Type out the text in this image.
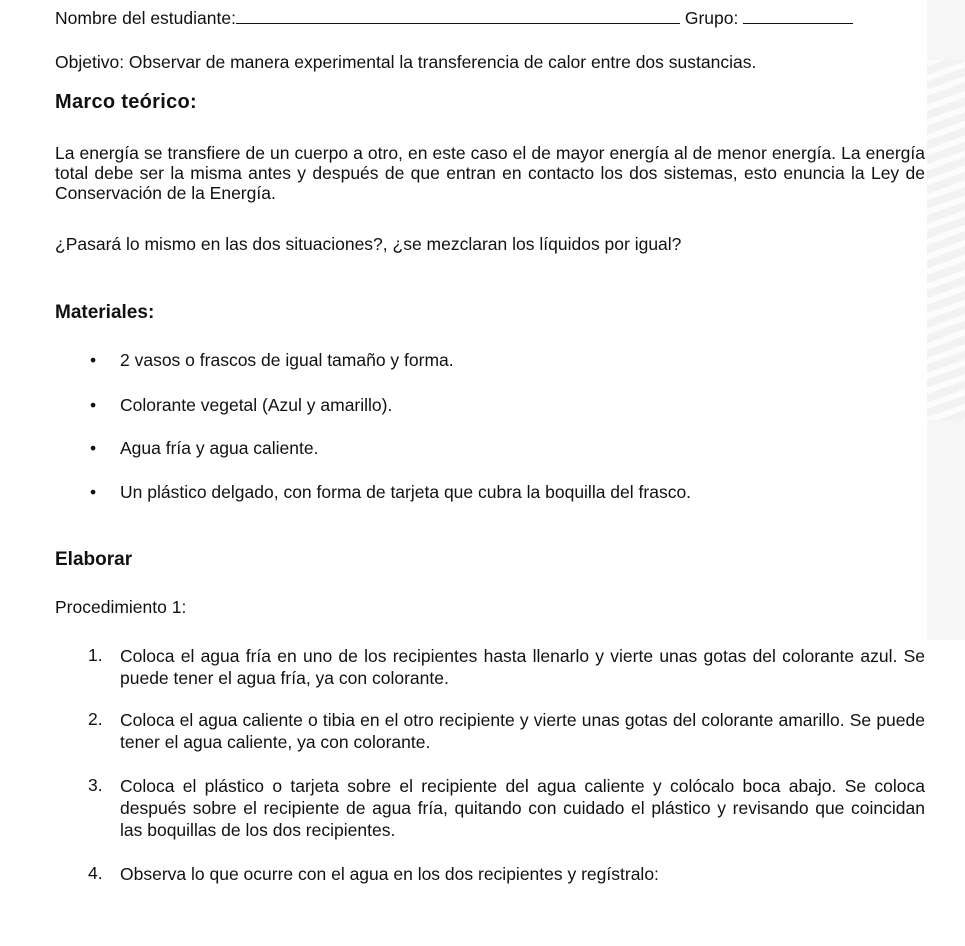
Nombre del estudiante:	Grupo:
Objetivo: Observar de manera experimental la transferencia de calor entre dos sustancias.
Marco teórico:
La energía se transfiere de un cuerpo a otro, en este caso el de mayor energía al de menor energía. La energía total debe ser la misma antes y después de que entran en contacto los dos sistemas, esto enuncia la Ley de Conservación de la Energía.
¿Pasará lo mismo en las dos situaciones?, ¿se mezclaran los líquidos por igual?
Materiales:
• 2 vasos o frascos de igual tamaño y forma.
• Colorante vegetal (Azul y amarillo).
• Agua fría y agua caliente.
• Un plástico delgado, con forma de tarjeta que cubra la boquilla del frasco.
Elaborar
Procedimiento 1:
1. Coloca el agua fría en uno de los recipientes hasta llenarlo y vierte unas gotas del colorante azul. Se puede tener el agua fría, ya con colorante.
2. Coloca el agua caliente o tibia en el otro recipiente y vierte unas gotas del colorante amarillo. Se puede tener el agua caliente, ya con colorante.
3. Coloca el plástico o tarjeta sobre el recipiente del agua caliente y colócalo boca abajo. Se coloca después sobre el recipiente de agua fría, quitando con cuidado el plástico y revisando que coincidan las boquillas de los dos recipientes.
4. Observa lo que ocurre con el agua en los dos recipientes y regístralo:
